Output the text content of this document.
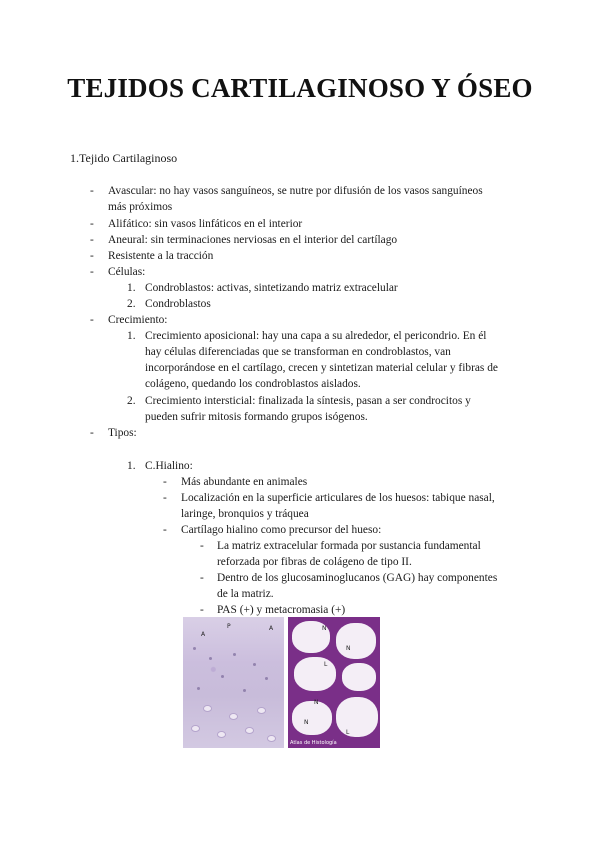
TEJIDOS CARTILAGINOSO Y ÓSEO
1.Tejido Cartilaginoso
- Avascular: no hay vasos sanguíneos, se nutre por difusión de los vasos sanguíneos
más próximos
- Alifático: sin vasos linfáticos en el interior
- Aneural: sin terminaciones nerviosas en el interior del cartílago
- Resistente a la tracción
- Células:
1. Condroblastos: activas, sintetizando matriz extracelular
2. Condroblastos
- Crecimiento:
1. Crecimiento aposicional: hay una capa a su alrededor, el pericondrio. En él
hay células diferenciadas que se transforman en condroblastos, van
incorporándose en el cartílago, crecen y sintetizan material celular y fibras de
colágeno, quedando los condroblastos aislados.
2. Crecimiento intersticial: finalizada la síntesis, pasan a ser condrocitos y
pueden sufrir mitosis formando grupos isógenos.
- Tipos:
1. C.Hialino:
- Más abundante en animales
- Localización en la superficie articulares de los huesos: tabique nasal,
laringe, bronquios y tráquea
- Cartílago hialino como precursor del hueso:
- La matriz extracelular formada por sustancia fundamental
reforzada por fibras de colágeno de tipo II.
- Dentro de los glucosaminoglucanos (GAG) hay componentes
de la matriz.
- PAS (+) y metacromasia (+)
A
P	A	N
N
L
N
N
L
Atlas de Histología
